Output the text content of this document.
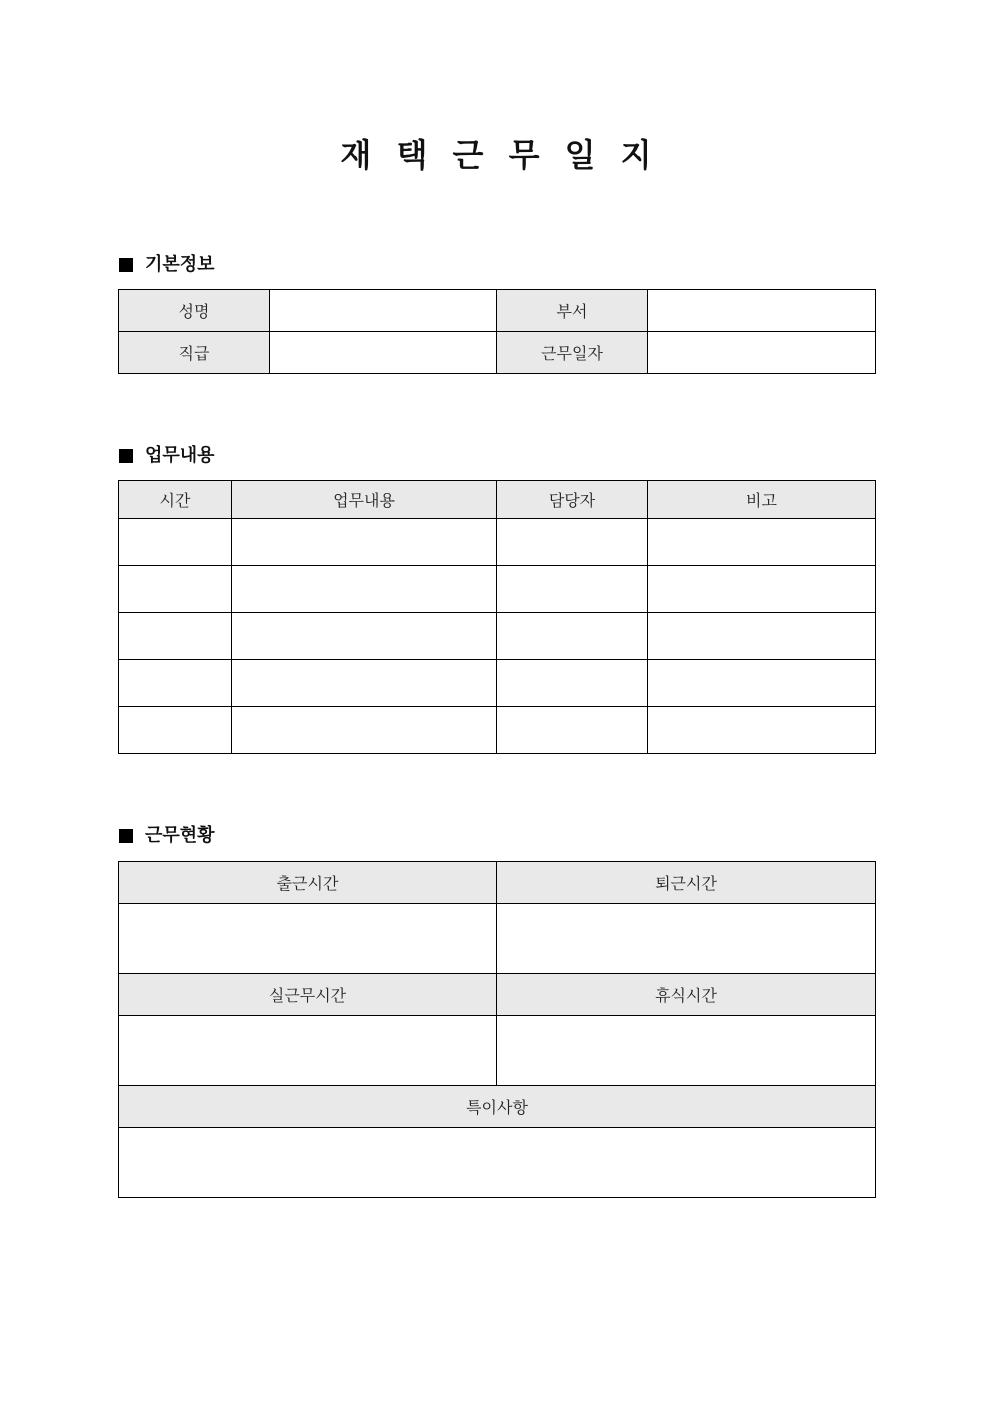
재 택 근 무 일 지
기본정보
성명		부서	
직급		근무일자	
업무내용
시간	업무내용	담당자	비고

근무현황
출근시간	퇴근시간

실근무시간	휴식시간

특이사항	
